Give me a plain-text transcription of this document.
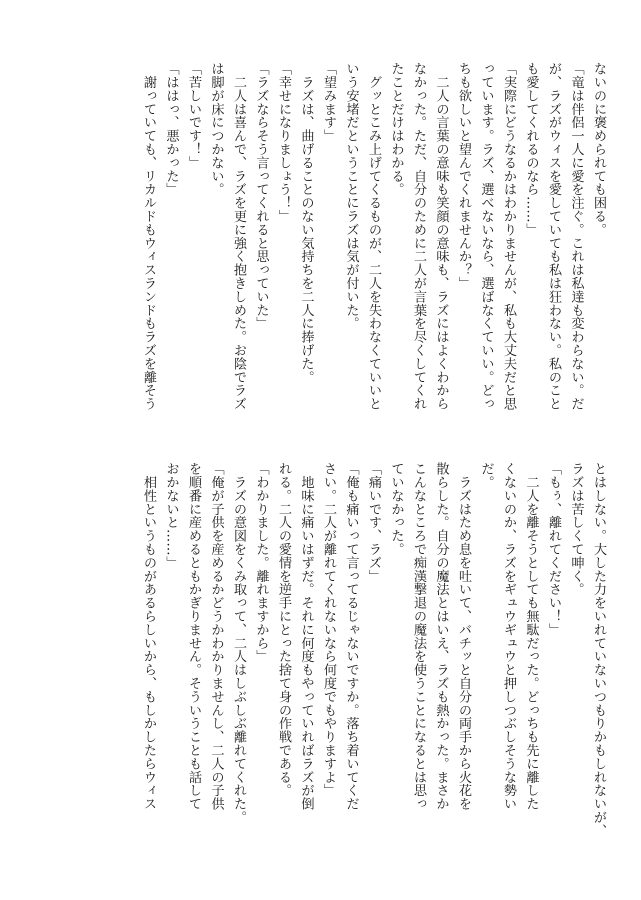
ないのに褒められても困る。
「竜は伴侶一人に愛を注ぐ。これは私達も変わらない。だ
が、ラズがウィスを愛していても私は狂わない。私のこと
も愛してくれるのなら……」
「実際にどうなるかはわかりませんが、私も大丈夫だと思
っています。ラズ、選べないなら、選ばなくていい。どっ
ちも欲しいと望んでくれませんか？」
　二人の言葉の意味も笑顔の意味も、ラズにはよくわから
なかった。ただ、自分のために二人が言葉を尽くしてくれ
たことだけはわかる。
　グッとこみ上げてくるものが、二人を失わなくていいと
いう安堵だということにラズは気が付いた。
「望みます」
　ラズは、曲げることのない気持ちを二人に捧げた。
「幸せになりましょう！」
「ラズならそう言ってくれると思っていた」
　二人は喜んで、ラズを更に強く抱きしめた。お陰でラズ
は脚が床につかない。
「苦しいです！」
「ははっ、悪かった」
　謝っていても、リカルドもウィスランドもラズを離そう
とはしない。大した力をいれていないつもりかもしれないが、
ラズは苦しくて呻く。
「もぅ、離れてください！」
　二人を離そうとしても無駄だった。どっちも先に離した
くないのか、ラズをギュウギュウと押しつぶしそうな勢い
だ。
　ラズはため息を吐いて、バチッと自分の両手から火花を
散らした。自分の魔法とはいえ、ラズも熱かった。まさか
こんなところで痴漢撃退の魔法を使うことになるとは思っ
ていなかった。
「痛いです、ラズ」
「俺も痛いって言ってるじゃないですか。落ち着いてくだ
さい。二人が離れてくれないなら何度でもやりますよ」
　地味に痛いはずだ。それに何度もやっていればラズが倒
れる。二人の愛情を逆手にとった捨て身の作戦である。
「わかりました。離れますから」
　ラズの意図をくみ取って、二人はしぶしぶ離れてくれた。
「俺が子供を産めるかどうかわかりませんし、二人の子供
を順番に産めるともかぎりません。そういうことも話して
おかないと……」
　相性というものがあるらしいから、もしかしたらウィス
